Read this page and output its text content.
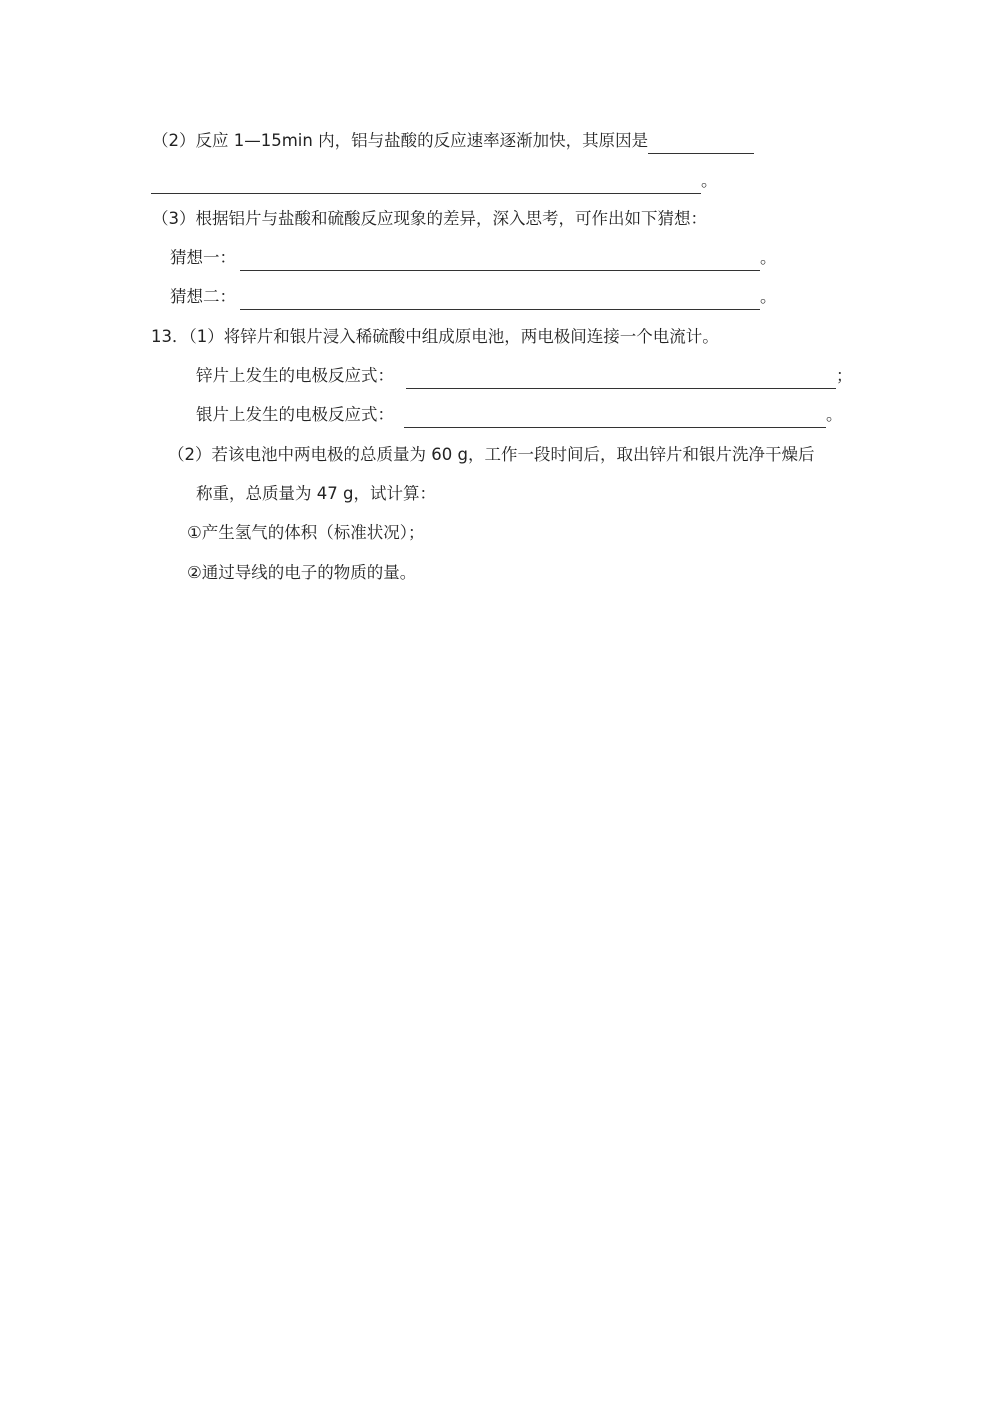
（2）反应 1—15min 内，铝与盐酸的反应速率逐渐加快，其原因是
。
（3）根据铝片与盐酸和硫酸反应现象的差异，深入思考，可作出如下猜想：
猜想一：	。
猜想二：	。
13．（1）将锌片和银片浸入稀硫酸中组成原电池，两电极间连接一个电流计。
锌片上发生的电极反应式：	；
银片上发生的电极反应式：	。
（2）若该电池中两电极的总质量为 60 g，工作一段时间后，取出锌片和银片洗净干燥后
称重，总质量为 47 g，试计算：
①产生氢气的体积（标准状况）；
②通过导线的电子的物质的量。
